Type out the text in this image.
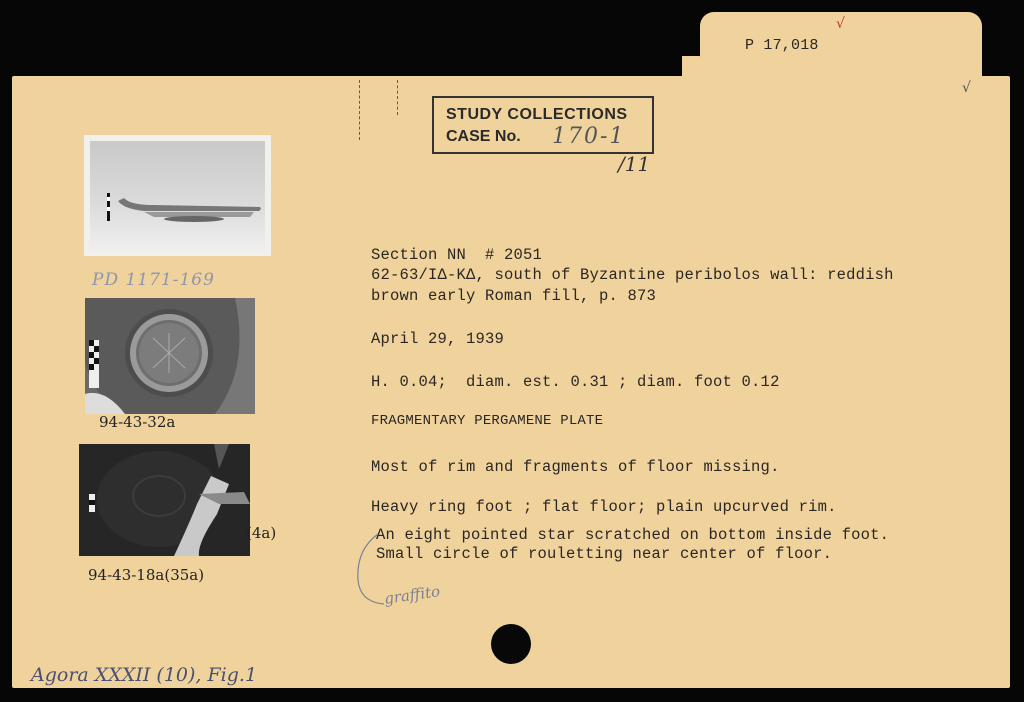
P 17,018
√
√
STUDY COLLECTIONS
CASE No. 170-1
/11
PD 1171-169
94-43-32a
(4a)
94-43-18a(35a)
Section NN  # 2051
62-63/IΔ-KΔ, south of Byzantine peribolos wall: reddish
brown early Roman fill, p. 873
April 29, 1939
H. 0.04;  diam. est. 0.31 ; diam. foot 0.12
FRAGMENTARY PERGAMENE PLATE
Most of rim and fragments of floor missing.
Heavy ring foot ; flat floor; plain upcurved rim.
An eight pointed star scratched on bottom inside foot.
Small circle of rouletting near center of floor.
graffito
Agora XXXII (10), Fig.1
